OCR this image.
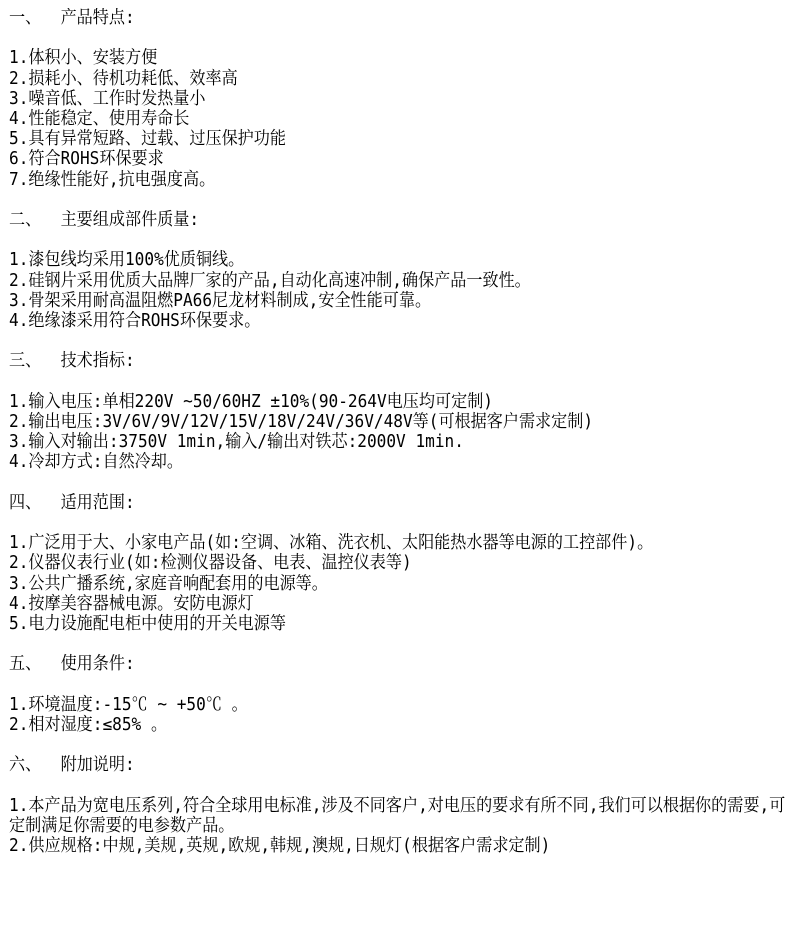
一、  产品特点:

1.体积小、安装方便
2.损耗小、待机功耗低、效率高
3.噪音低、工作时发热量小
4.性能稳定、使用寿命长
5.具有异常短路、过载、过压保护功能
6.符合ROHS环保要求
7.绝缘性能好,抗电强度高。

二、  主要组成部件质量:

1.漆包线均采用100%优质铜线。
2.硅钢片采用优质大品牌厂家的产品,自动化高速冲制,确保产品一致性。
3.骨架采用耐高温阻燃PA66尼龙材料制成,安全性能可靠。
4.绝缘漆采用符合ROHS环保要求。

三、  技术指标:

1.输入电压:单相220V ~50/60HZ ±10%(90-264V电压均可定制)
2.输出电压:3V/6V/9V/12V/15V/18V/24V/36V/48V等(可根据客户需求定制)
3.输入对输出:3750V 1min,输入/输出对铁芯:2000V 1min.
4.冷却方式:自然冷却。

四、  适用范围:

1.广泛用于大、小家电产品(如:空调、冰箱、洗衣机、太阳能热水器等电源的工控部件)。
2.仪器仪表行业(如:检测仪器设备、电表、温控仪表等)
3.公共广播系统,家庭音响配套用的电源等。
4.按摩美容器械电源。安防电源灯
5.电力设施配电柜中使用的开关电源等

五、  使用条件:

1.环境温度:-15℃ ~ +50℃ 。
2.相对湿度:≤85% 。

六、  附加说明:

1.本产品为宽电压系列,符合全球用电标准,涉及不同客户,对电压的要求有所不同,我们可以根据你的需要,可定制满足你需要的电参数产品。
2.供应规格:中规,美规,英规,欧规,韩规,澳规,日规灯(根据客户需求定制)
